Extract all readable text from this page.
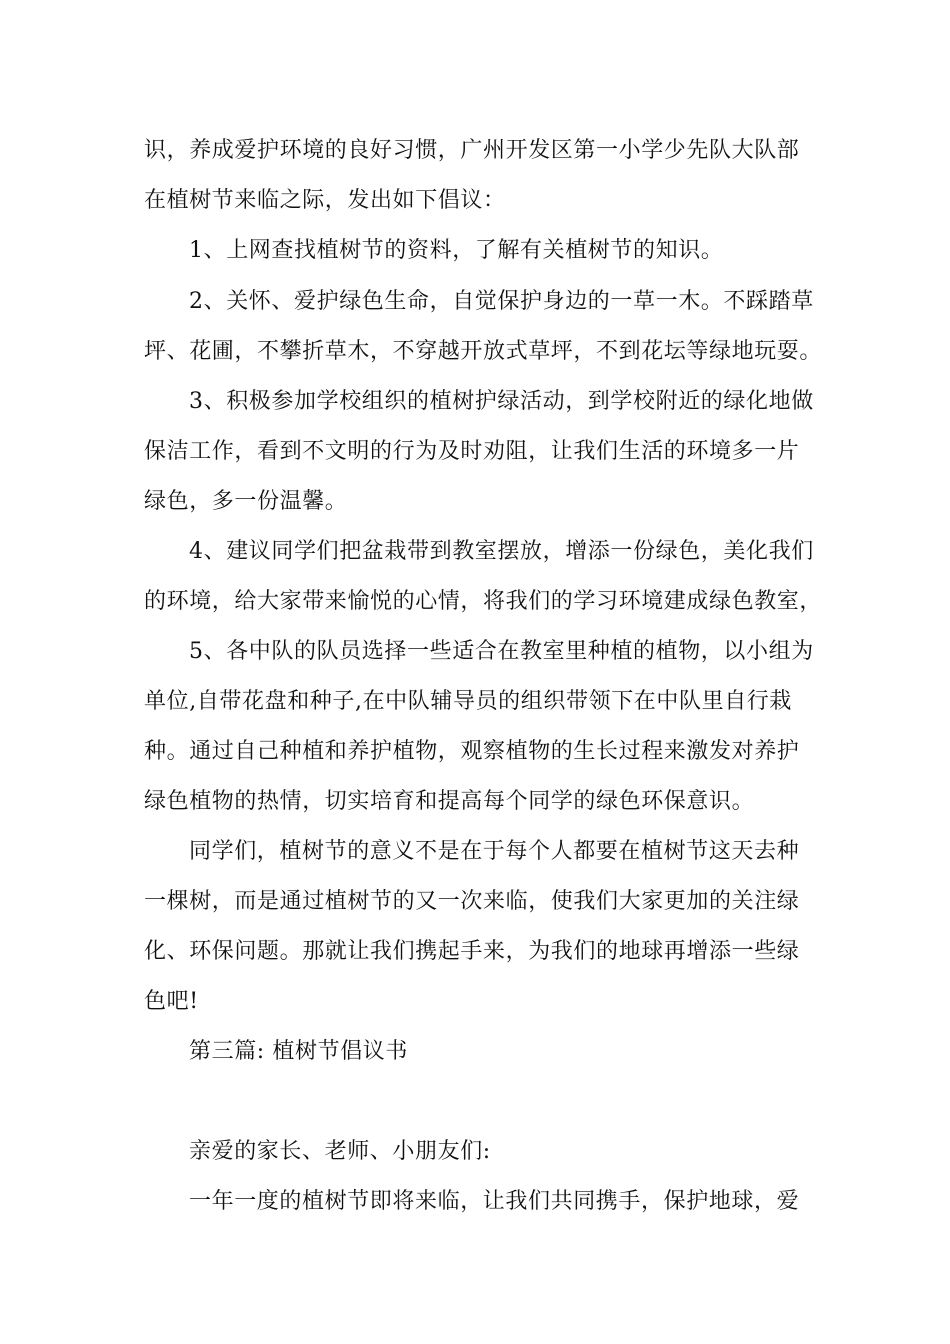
识，养成爱护环境的良好习惯，广州开发区第一小学少先队大队部
在植树节来临之际，发出如下倡议：
1、上网查找植树节的资料，了解有关植树节的知识。
2、关怀、爱护绿色生命，自觉保护身边的一草一木。不踩踏草
坪、花圃，不攀折草木，不穿越开放式草坪，不到花坛等绿地玩耍。
3、积极参加学校组织的植树护绿活动，到学校附近的绿化地做
保洁工作，看到不文明的行为及时劝阻，让我们生活的环境多一片
绿色，多一份温馨。
4、建议同学们把盆栽带到教室摆放，增添一份绿色，美化我们
的环境，给大家带来愉悦的心情，将我们的学习环境建成绿色教室，
5、各中队的队员选择一些适合在教室里种植的植物，以小组为
单位,自带花盘和种子,在中队辅导员的组织带领下在中队里自行栽
种。通过自己种植和养护植物，观察植物的生长过程来激发对养护
绿色植物的热情，切实培育和提高每个同学的绿色环保意识。
同学们，植树节的意义不是在于每个人都要在植树节这天去种
一棵树，而是通过植树节的又一次来临，使我们大家更加的关注绿
化、环保问题。那就让我们携起手来，为我们的地球再增添一些绿
色吧!
第三篇: 植树节倡议书
亲爱的家长、老师、小朋友们:
一年一度的植树节即将来临，让我们共同携手，保护地球，爱
